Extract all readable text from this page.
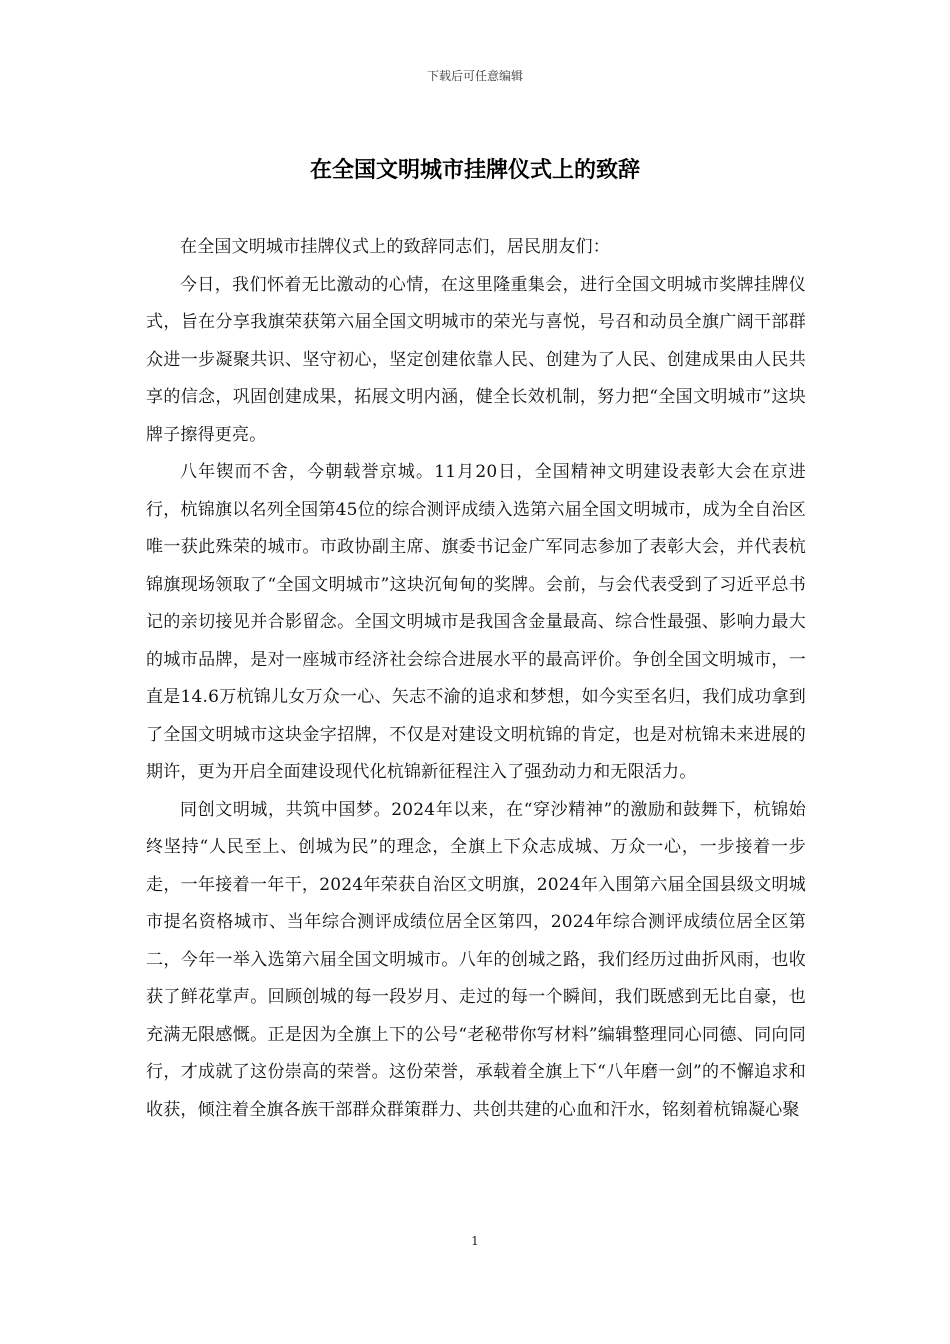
下载后可任意编辑
在全国文明城市挂牌仪式上的致辞

在全国文明城市挂牌仪式上的致辞同志们，居民朋友们：

今日，我们怀着无比激动的心情，在这里隆重集会，进行全国文明城市奖牌挂牌仪式，旨在分享我旗荣获第六届全国文明城市的荣光与喜悦，号召和动员全旗广阔干部群众进一步凝聚共识、坚守初心，坚定创建依靠人民、创建为了人民、创建成果由人民共享的信念，巩固创建成果，拓展文明内涵，健全长效机制，努力把“全国文明城市”这块牌子擦得更亮。

八年锲而不舍，今朝载誉京城。11月20日，全国精神文明建设表彰大会在京进行，杭锦旗以名列全国第45位的综合测评成绩入选第六届全国文明城市，成为全自治区唯一获此殊荣的城市。市政协副主席、旗委书记金广军同志参加了表彰大会，并代表杭锦旗现场领取了“全国文明城市”这块沉甸甸的奖牌。会前，与会代表受到了习近平总书记的亲切接见并合影留念。全国文明城市是我国含金量最高、综合性最强、影响力最大的城市品牌，是对一座城市经济社会综合进展水平的最高评价。争创全国文明城市，一直是14.6万杭锦儿女万众一心、矢志不渝的追求和梦想，如今实至名归，我们成功拿到了全国文明城市这块金字招牌，不仅是对建设文明杭锦的肯定，也是对杭锦未来进展的期许，更为开启全面建设现代化杭锦新征程注入了强劲动力和无限活力。

同创文明城，共筑中国梦。2024年以来，在“穿沙精神”的激励和鼓舞下，杭锦始终坚持“人民至上、创城为民”的理念，全旗上下众志成城、万众一心，一步接着一步走，一年接着一年干，2024年荣获自治区文明旗，2024年入围第六届全国县级文明城市提名资格城市、当年综合测评成绩位居全区第四，2024年综合测评成绩位居全区第二，今年一举入选第六届全国文明城市。八年的创城之路，我们经历过曲折风雨，也收获了鲜花掌声。回顾创城的每一段岁月、走过的每一个瞬间，我们既感到无比自豪，也充满无限感慨。正是因为全旗上下的公号“老秘带你写材料”编辑整理同心同德、同向同行，才成就了这份崇高的荣誉。这份荣誉，承载着全旗上下“八年磨一剑”的不懈追求和收获，倾注着全旗各族干部群众群策群力、共创共建的心血和汗水，铭刻着杭锦凝心聚

1
